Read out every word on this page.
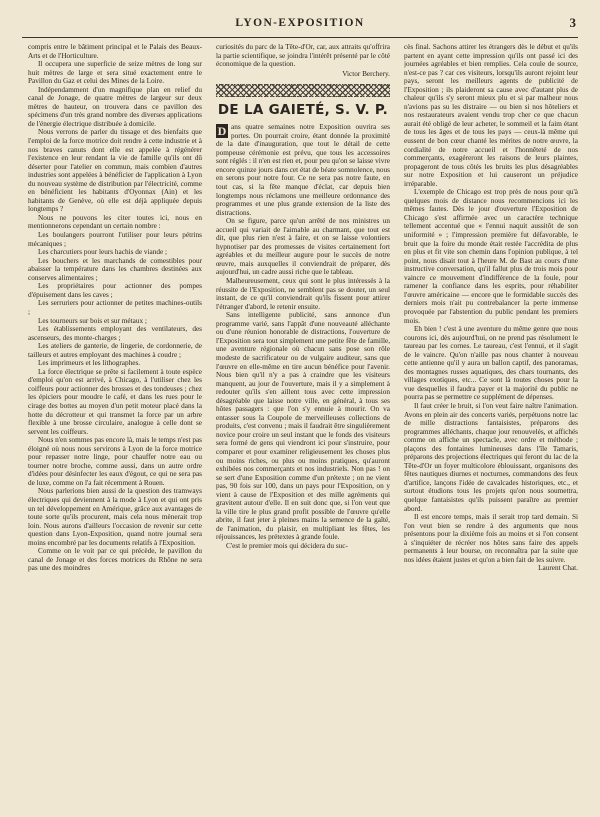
LYON-EXPOSITION	3

compris entre le bâtiment principal et le Palais des Beaux-Arts et de l'Horticulture.

Il occupera une superficie de seize mètres de long sur huit mètres de large et sera situé exactement entre le Pavillon du Gaz et celui des Mines de la Loire.

Indépendamment d'un magnifique plan en relief du canal de Jonage, de quatre mètres de largeur sur deux mètres de hauteur, on trouvera dans ce pavillon des spécimens d'un très grand nombre des diverses applications de l'énergie électrique distribuée à domicile.

Nous verrons de parler du tissage et des bienfaits que l'emploi de la force motrice doit rendre à cette industrie et à nos braves canuts dont elle est appelée à régénérer l'existence en leur rendant la vie de famille qu'ils ont dû déserter pour l'atelier en commun, mais combien d'autres industries sont appelées à bénéficier de l'application à Lyon du nouveau système de distribution par l'électricité, comme en bénéficient les habitants d'Oyonnax (Ain) et les habitants de Genève, où elle est déjà appliquée depuis longtemps ?

Nous ne pouvons les citer toutes ici, nous en mentionnerons cependant un certain nombre :

Les boulangers pourront l'utiliser pour leurs pétrins mécaniques ;

Les charcutiers pour leurs hachis de viande ;

Les bouchers et les marchands de comestibles pour abaisser la température dans les chambres destinées aux conserves alimentaires ;

Les propriétaires pour actionner des pompes d'épuisement dans les caves ;

Les serruriers pour actionner de petites machines-outils ;

Les tourneurs sur bois et sur métaux ;

Les établissements employant des ventilateurs, des ascenseurs, des monte-charges ;

Les ateliers de ganterie, de lingerie, de cordonnerie, de tailleurs et autres employant des machines à coudre ;

Les imprimeurs et les lithographes.

La force électrique se prête si facilement à toute espèce d'emploi qu'on est arrivé, à Chicago, à l'utiliser chez les coiffeurs pour actionner des brosses et des tondeuses ; chez les épiciers pour moudre le café, et dans les rues pour le cirage des bottes au moyen d'un petit moteur placé dans la hotte du décrotteur et qui transmet la force par un arbre flexible à une brosse circulaire, analogue à celle dont se servent les coiffeurs.

Nous n'en sommes pas encore là, mais le temps n'est pas éloigné où nous nous servirons à Lyon de la force motrice pour repasser notre linge, pour chauffer notre eau ou tourner notre broche, comme aussi, dans un autre ordre d'idées pour désinfecter les eaux d'égout, ce qui ne sera pas de luxe, comme on l'a fait récemment à Rouen.

Nous parlerions bien aussi de la question des tramways électriques qui deviennent à la mode à Lyon et qui ont pris un tel développement en Amérique, grâce aux avantages de toute sorte qu'ils procurent, mais cela nous mènerait trop loin. Nous aurons d'ailleurs l'occasion de revenir sur cette question dans Lyon-Exposition, quand notre journal sera moins encombré par les documents relatifs à l'Exposition.

Comme on le voit par ce qui précède, le pavillon du canal de Jonage et des forces motrices du Rhône ne sera pas une des moindres

curiosités du parc de la Tête-d'Or, car, aux attraits qu'offrira la partie scientifique, se joindra l'intérêt présenté par le côté économique de la question.

Victor Berchery.

DE LA GAIETÉ, S. V. P.

D ans quatre semaines notre Exposition ouvrira ses portes. On pourrait croire, étant donnée la proximité de la date d'inauguration, que tout le détail de cette pompeuse cérémonie est prévu, que tous les accessoires sont réglés : il n'en est rien et, pour peu qu'on se laisse vivre encore quinze jours dans cet état de béate somnolence, nous en serons pour notre four. Ce ne sera pas notre faute, en tout cas, si la fête manque d'éclat, car depuis bien longtemps nous réclamons une meilleure ordonnance des programmes et une plus grande extension de la liste des distractions.

On se figure, parce qu'un arrêté de nos ministres un accueil qui variait de l'aimable au charmant, que tout est dit, que plus rien n'est à faire, et on se laisse volontiers hypnotiser par des promesses de visites certainement fort agréables et du meilleur augure pour le succès de notre œuvre, mais auxquelles il conviendrait de préparer, dès aujourd'hui, un cadre aussi riche que le tableau.

Malheureusement, ceux qui sont le plus intéressés à la réussite de l'Exposition, ne semblent pas se douter, un seul instant, de ce qu'il conviendrait qu'ils fissent pour attirer l'étranger d'abord, le retenir ensuite.

Sans intelligente publicité, sans annonce d'un programme varié, sans l'appât d'une nouveauté alléchante ou d'une réunion honorable de distractions, l'ouverture de l'Exposition sera tout simplement une petite fête de famille, une aventure régionale où chacun sans pose son rôle modeste de sacrificateur ou de vulgaire auditeur, sans que l'œuvre en elle-même en tire aucun bénéfice pour l'avenir. Nous bien qu'il n'y a pas à craindre que les visiteurs manquent, au jour de l'ouverture, mais il y a simplement à redouter qu'ils s'en aillent tous avec cette impression désagréable que laisse notre ville, en général, à tous ses hôtes passagers : que l'on s'y ennuie à mourir. On va entasser sous la Coupole de merveilleuses collections de produits, c'est convenu ; mais il faudrait être singulièrement novice pour croire un seul instant que le fonds des visiteurs sera formé de gens qui viendront ici pour s'instruire, pour comparer et pour examiner religieusement les choses plus ou moins riches, ou plus ou moins pratiques, qu'auront exhibées nos commerçants et nos industriels. Non pas ! on se sert d'une Exposition comme d'un prétexte ; on ne vient pas, 90 fois sur 100, dans un pays pour l'Exposition, on y vient à cause de l'Exposition et des mille agréments qui gravitent autour d'elle. Il en suit donc que, si l'on veut que la ville tire le plus grand profit possible de l'œuvre qu'elle abrite, il faut jeter à pleines mains la semence de la gaîté, de l'animation, du plaisir, en multipliant les fêtes, les réjouissances, les prétextes à grande foule.

C'est le premier mois qui décidera du suc-

cès final. Sachons attirer les étrangers dès le début et qu'ils partent en ayant cette impression qu'ils ont passé ici des journées agréables et bien remplies. Cela coule de source, n'est-ce pas ? car ces visiteurs, lorsqu'ils auront rejoint leur pays, seront les meilleurs agents de publicité de l'Exposition ; ils plaideront sa cause avec d'autant plus de chaleur qu'ils s'y seront mieux plu et si par malheur nous n'avions pas su les distraire — ou bien si nos hôteliers et nos restaurateurs avaient vendu trop cher ce que chacun aurait été obligé de leur acheter, le sommeil et la faim étant de tous les âges et de tous les pays — ceux-là même qui eussent de bon cœur chanté les mérites de notre œuvre, la cordialité de notre accueil et l'honnêteté de nos commerçants, exagéreront les raisons de leurs plaintes, propageront de tous côtés les bruits les plus désagréables sur notre Exposition et lui causeront un préjudice irréparable.

L'exemple de Chicago est trop près de nous pour qu'à quelques mois de distance nous recommencions ici les mêmes fautes. Dès le jour d'ouverture l'Exposition de Chicago s'est affirmée avec un caractère technique tellement accentué que « l'ennui naquit aussitôt de son uniformité » ; l'impression première fut défavorable, le bruit que la foire du monde était restée l'accrédita de plus en plus et fit vite son chemin dans l'opinion publique, à tel point, nous disait tout à l'heure M. de Bast au cours d'une instructive conversation, qu'il fallut plus de trois mois pour vaincre ce mouvement d'indifférence de la foule, pour ramener la confiance dans les esprits, pour réhabiliter l'œuvre américaine — encore que le formidable succès des derniers mois n'ait pu contrebalancer la perte immense provoquée par l'abstention du public pendant les premiers mois.

Eh bien ! c'est à une aventure du même genre que nous courons ici, dès aujourd'hui, on ne prend pas résolument le taureau par les cornes. Le taureau, c'est l'ennui, et il s'agit de le vaincre. Qu'on n'aille pas nous chanter à nouveau cette antienne qu'il y aura un ballon captif, des panoramas, des montagnes russes aquatiques, des chars tournants, des villages exotiques, etc... Ce sont là toutes choses pour la vue desquelles il faudra payer et la majorité du public ne pourra pas se permettre ce supplément de dépenses.

Il faut créer le bruit, si l'on veut faire naître l'animation. Avons en plein air des concerts variés, perpétuons notre lac de mille distractions fantaisistes, préparons des programmes alléchants, chaque jour renouvelés, et affichés comme on affiche un spectacle, avec ordre et méthode ; plaçons des fontaines lumineuses dans l'île Tamaris, préparons des projections électriques qui feront du lac de la Tête-d'Or un foyer multicolore éblouissant, organisons des fêtes nautiques diurnes et nocturnes, commandons des feux d'artifice, lançons l'idée de cavalcades historiques, etc., et surtout étudions tous les projets qu'on nous soumettra, quelque fantaisistes qu'ils puissent paraître au premier abord.

Il est encore temps, mais il serait trop tard demain. Si l'on veut bien se rendre à des arguments que nous présentons pour la dixième fois au moins et si l'on consent à s'inquiéter de récréer nos hôtes sans faire des appels permanents à leur bourse, on reconnaîtra par la suite que nos idées étaient justes et qu'on a bien fait de les suivre.
Laurent Chat.
